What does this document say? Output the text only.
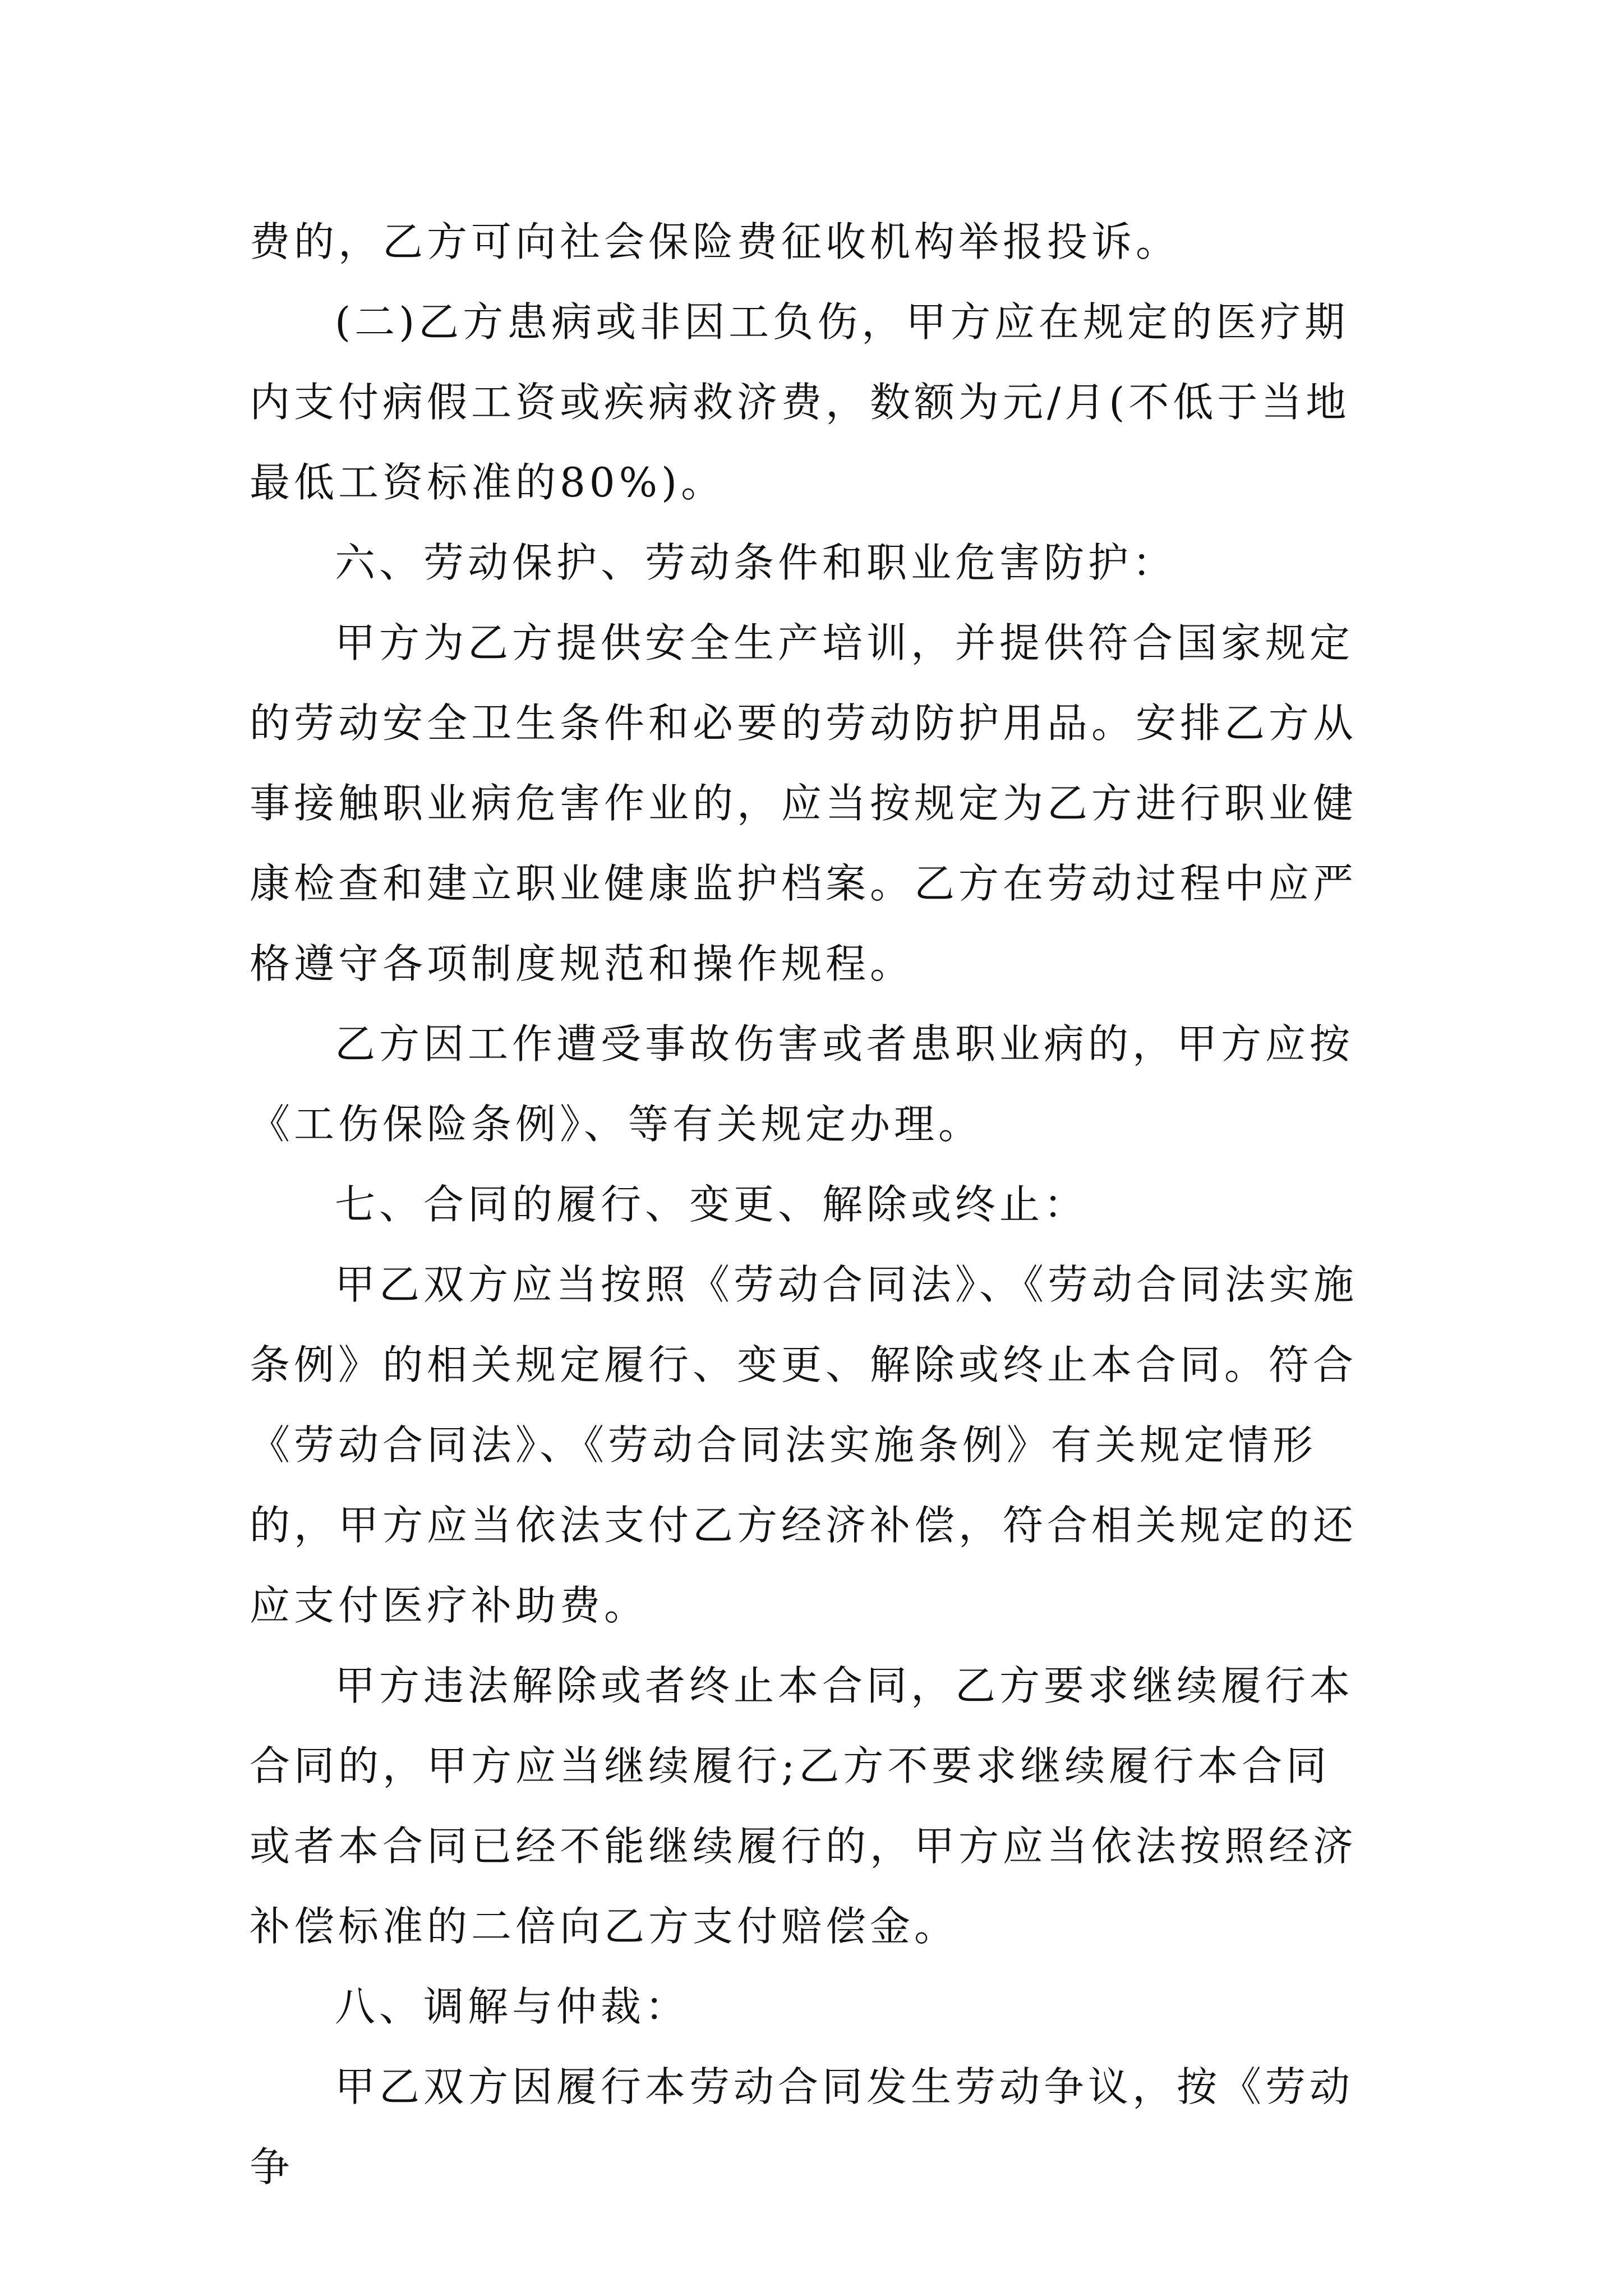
费的，乙方可向社会保险费征收机构举报投诉。

(二)乙方患病或非因工负伤，甲方应在规定的医疗期内支付病假工资或疾病救济费，数额为元/月(不低于当地最低工资标准的80%)。

六、劳动保护、劳动条件和职业危害防护：

甲方为乙方提供安全生产培训，并提供符合国家规定的劳动安全卫生条件和必要的劳动防护用品。安排乙方从事接触职业病危害作业的，应当按规定为乙方进行职业健康检查和建立职业健康监护档案。乙方在劳动过程中应严格遵守各项制度规范和操作规程。

乙方因工作遭受事故伤害或者患职业病的，甲方应按《工伤保险条例》、等有关规定办理。

七、合同的履行、变更、解除或终止：

甲乙双方应当按照《劳动合同法》、《劳动合同法实施条例》的相关规定履行、变更、解除或终止本合同。符合《劳动合同法》、《劳动合同法实施条例》有关规定情形的，甲方应当依法支付乙方经济补偿，符合相关规定的还应支付医疗补助费。

甲方违法解除或者终止本合同，乙方要求继续履行本合同的，甲方应当继续履行;乙方不要求继续履行本合同或者本合同已经不能继续履行的，甲方应当依法按照经济补偿标准的二倍向乙方支付赔偿金。

八、调解与仲裁：

甲乙双方因履行本劳动合同发生劳动争议，按《劳动争
